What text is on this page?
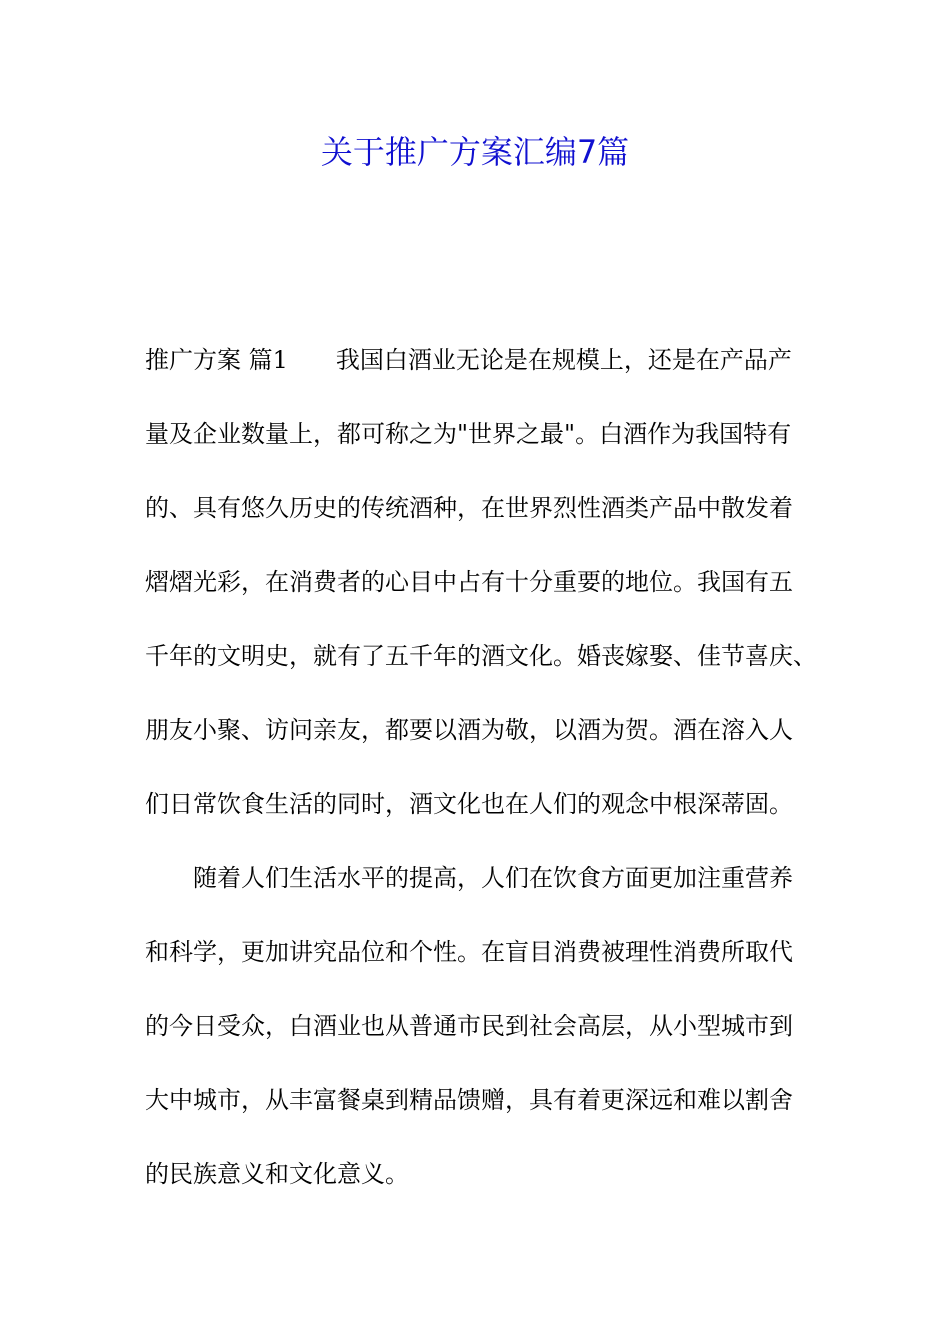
关于推广方案汇编7篇
推广方案 篇1　　我国白酒业无论是在规模上，还是在产品产
量及企业数量上，都可称之为"世界之最"。白酒作为我国特有
的、具有悠久历史的传统酒种，在世界烈性酒类产品中散发着
熠熠光彩，在消费者的心目中占有十分重要的地位。我国有五
千年的文明史，就有了五千年的酒文化。婚丧嫁娶、佳节喜庆、
朋友小聚、访问亲友，都要以酒为敬，以酒为贺。酒在溶入人
们日常饮食生活的同时，酒文化也在人们的观念中根深蒂固。
随着人们生活水平的提高，人们在饮食方面更加注重营养
和科学，更加讲究品位和个性。在盲目消费被理性消费所取代
的今日受众，白酒业也从普通市民到社会高层，从小型城市到
大中城市，从丰富餐桌到精品馈赠，具有着更深远和难以割舍
的民族意义和文化意义。
